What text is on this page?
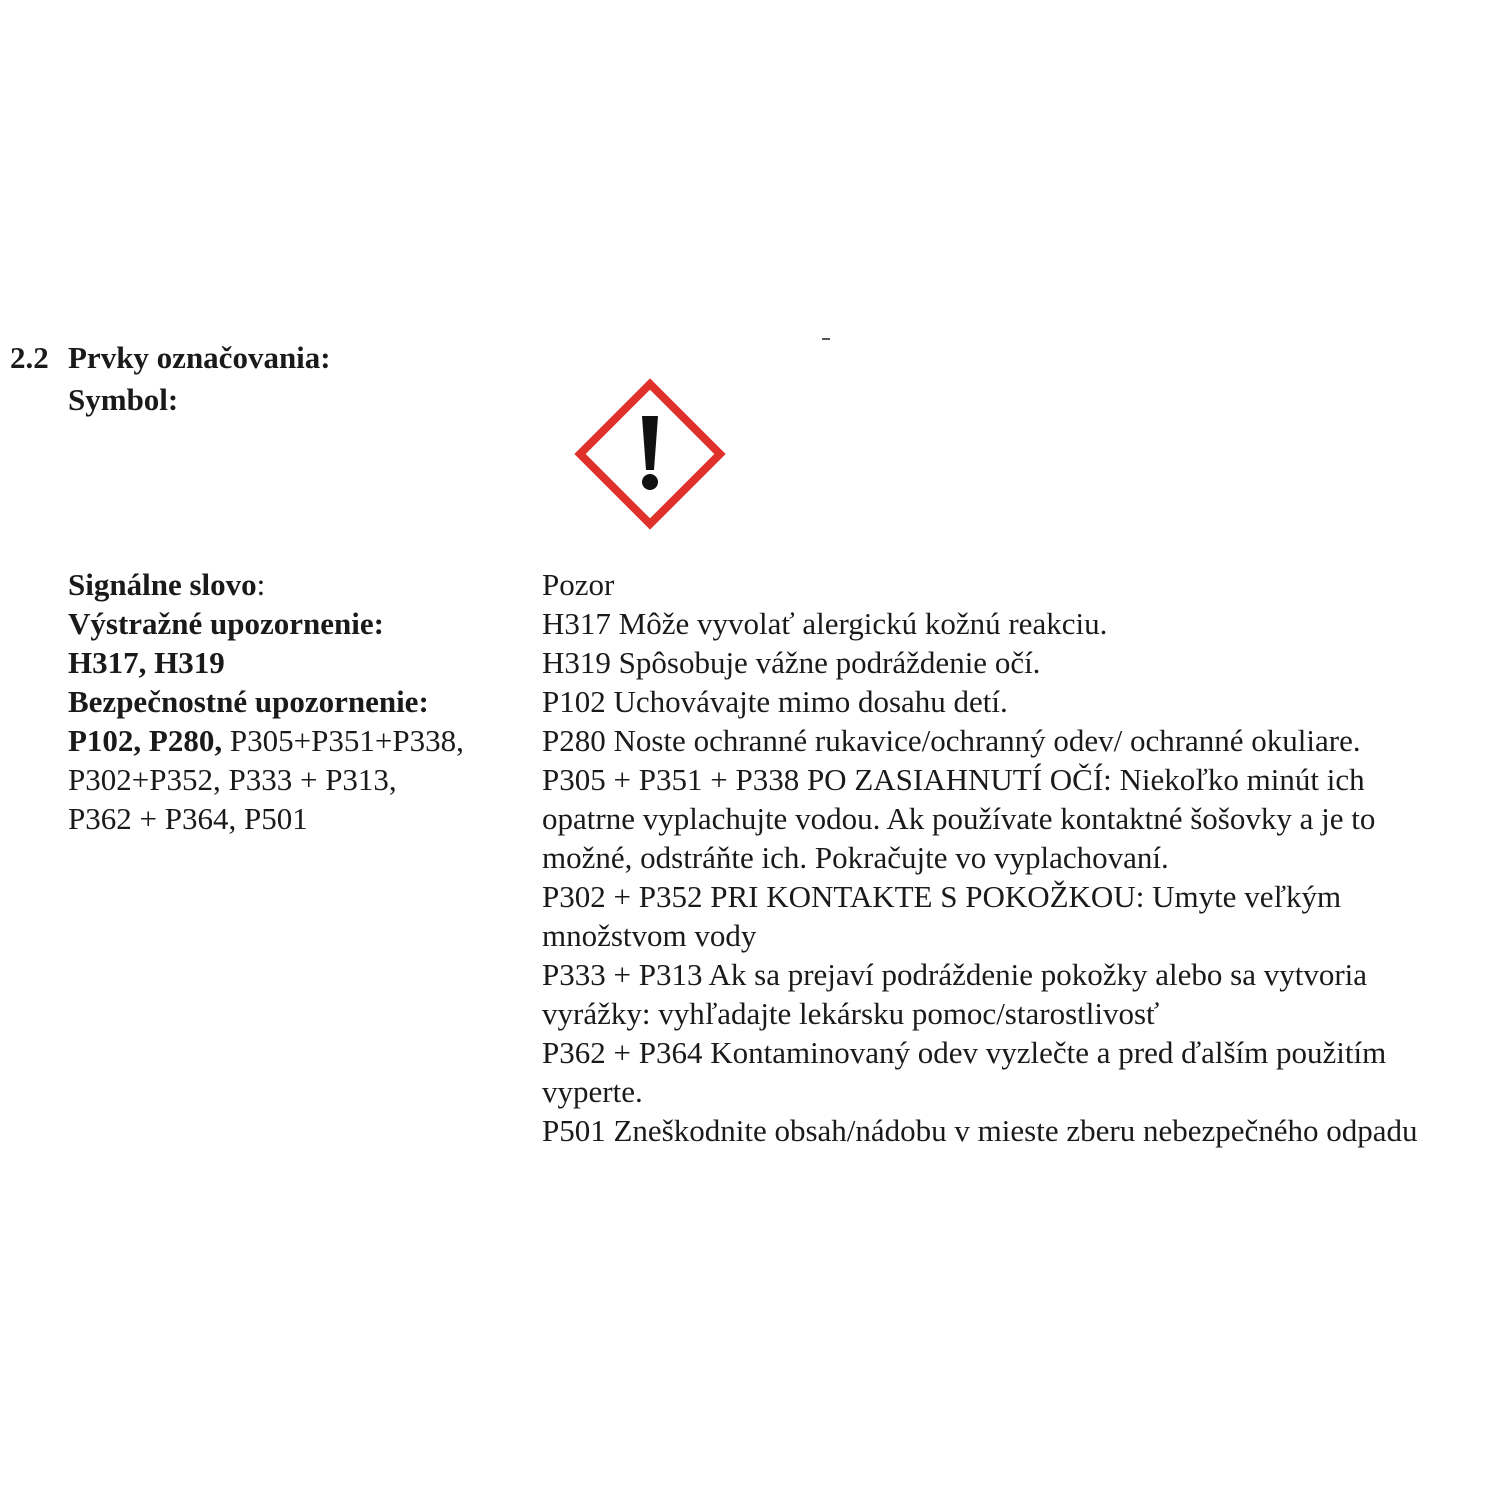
2.2 Prvky označovania:
Symbol:
Signálne slovo:
Výstražné upozornenie:
H317, H319
Bezpečnostné upozornenie:
P102, P280, P305+P351+P338,
P302+P352, P333 + P313,
P362 + P364, P501
Pozor
H317 Môže vyvolať alergickú kožnú reakciu.
H319 Spôsobuje vážne podráždenie očí.
P102 Uchovávajte mimo dosahu detí.
P280 Noste ochranné rukavice/ochranný odev/ ochranné okuliare.
P305 + P351 + P338 PO ZASIAHNUTÍ OČÍ: Niekoľko minút ich
opatrne vyplachujte vodou. Ak používate kontaktné šošovky a je to
možné, odstráňte ich. Pokračujte vo vyplachovaní.
P302 + P352 PRI KONTAKTE S POKOŽKOU: Umyte veľkým
množstvom vody
P333 + P313 Ak sa prejaví podráždenie pokožky alebo sa vytvoria
vyrážky: vyhľadajte lekársku pomoc/starostlivosť
P362 + P364 Kontaminovaný odev vyzlečte a pred ďalším použitím
vyperte.
P501 Zneškodnite obsah/nádobu v mieste zberu nebezpečného odpadu
